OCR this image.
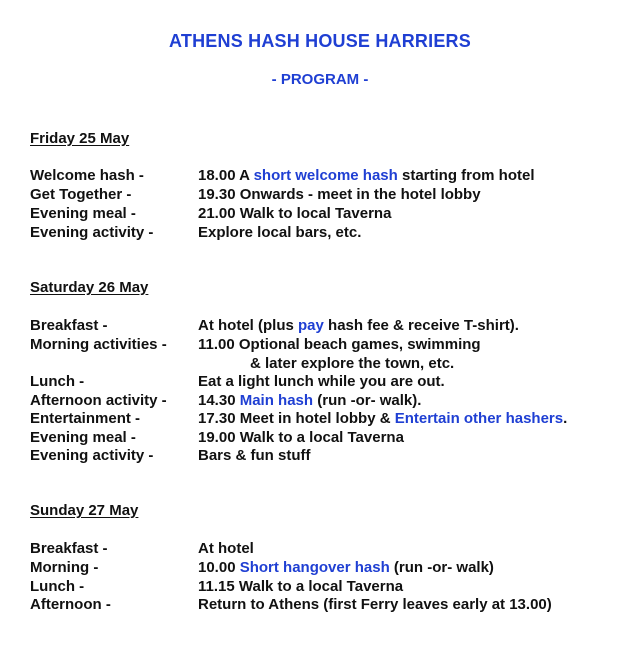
ATHENS HASH HOUSE HARRIERS
- PROGRAM -
Friday 25 May
Welcome hash -	18.00 A short welcome hash starting from hotel
Get Together -	19.30 Onwards - meet in the hotel lobby
Evening meal -	21.00 Walk to local Taverna
Evening activity -	Explore local bars, etc.
Saturday 26 May
Breakfast -	At hotel (plus pay hash fee & receive T-shirt).
Morning activities - 11.00 Optional beach games, swimming
& later explore the town, etc.
Lunch -	Eat a light lunch while you are out.
Afternoon activity - 14.30 Main hash (run -or- walk).
Entertainment -	17.30 Meet in hotel lobby & Entertain other hashers.
Evening meal -	19.00 Walk to a local Taverna
Evening activity -	Bars & fun stuff
Sunday 27 May
Breakfast -	At hotel
Morning -	10.00 Short hangover hash (run -or- walk)
Lunch -	11.15 Walk to a local Taverna
Afternoon -	Return to Athens (first Ferry leaves early at 13.00)
